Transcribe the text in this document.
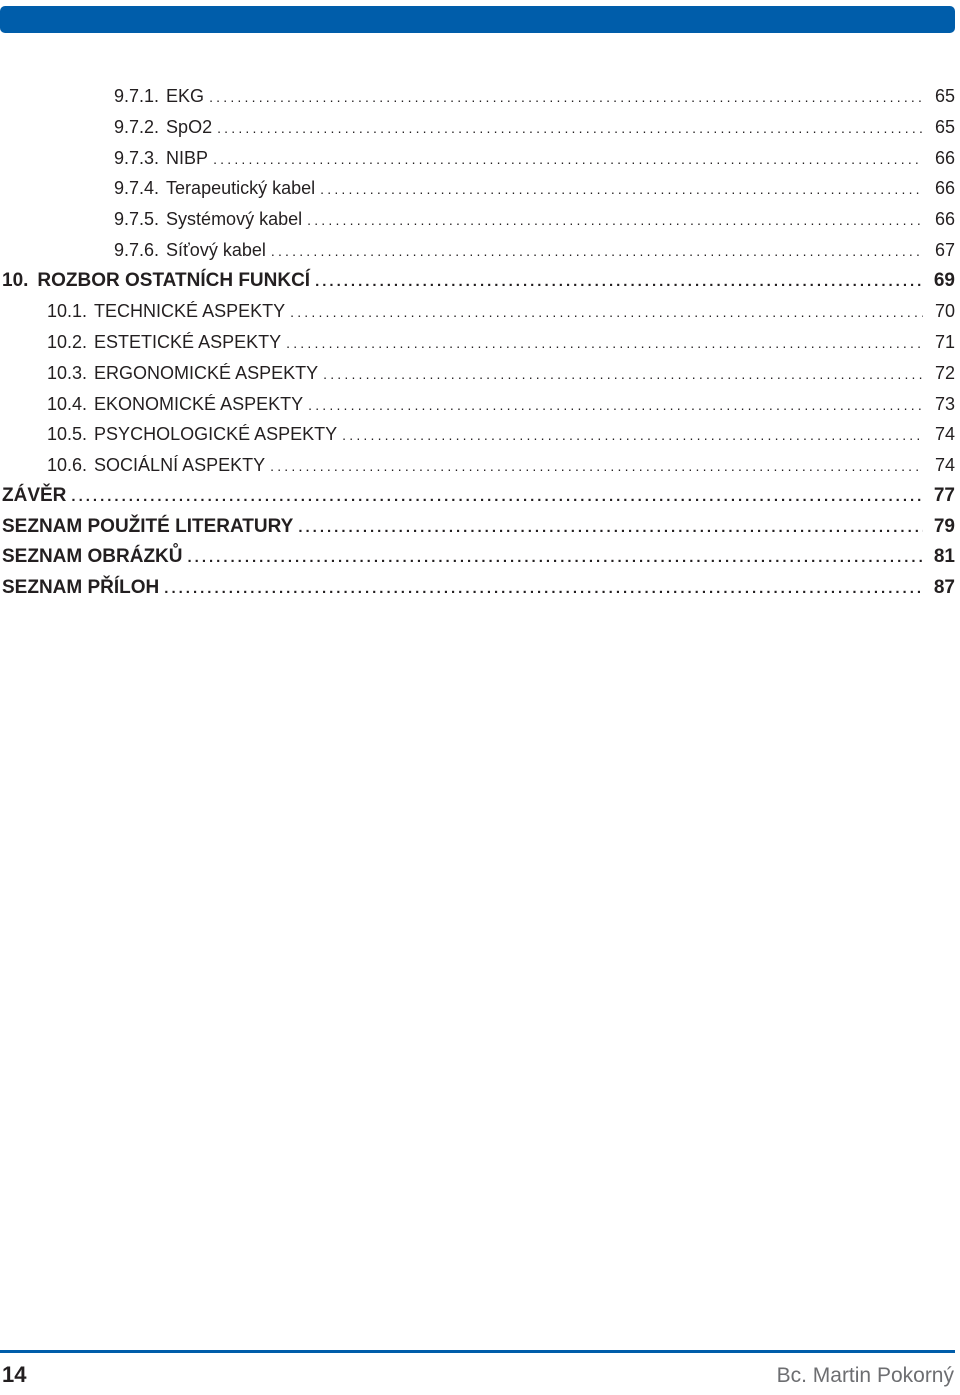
9.7.1. EKG .....	65
9.7.2. SpO2 .....	65
9.7.3. NIBP .....	66
9.7.4. Terapeutický kabel .....	66
9.7.5. Systémový kabel .....	66
9.7.6. Síťový kabel .....	67
10. ROZBOR OSTATNÍCH FUNKCÍ .....	69
10.1. TECHNICKÉ ASPEKTY .....	70
10.2. ESTETICKÉ ASPEKTY .....	71
10.3. ERGONOMICKÉ ASPEKTY .....	72
10.4. EKONOMICKÉ ASPEKTY .....	73
10.5. PSYCHOLOGICKÉ ASPEKTY .....	74
10.6. SOCIÁLNÍ ASPEKTY .....	74
ZÁVĚR .....	77
SEZNAM POUŽITÉ LITERATURY .....	79
SEZNAM OBRÁZKŮ .....	81
SEZNAM PŘÍLOH .....	87
14	Bc. Martin Pokorný
